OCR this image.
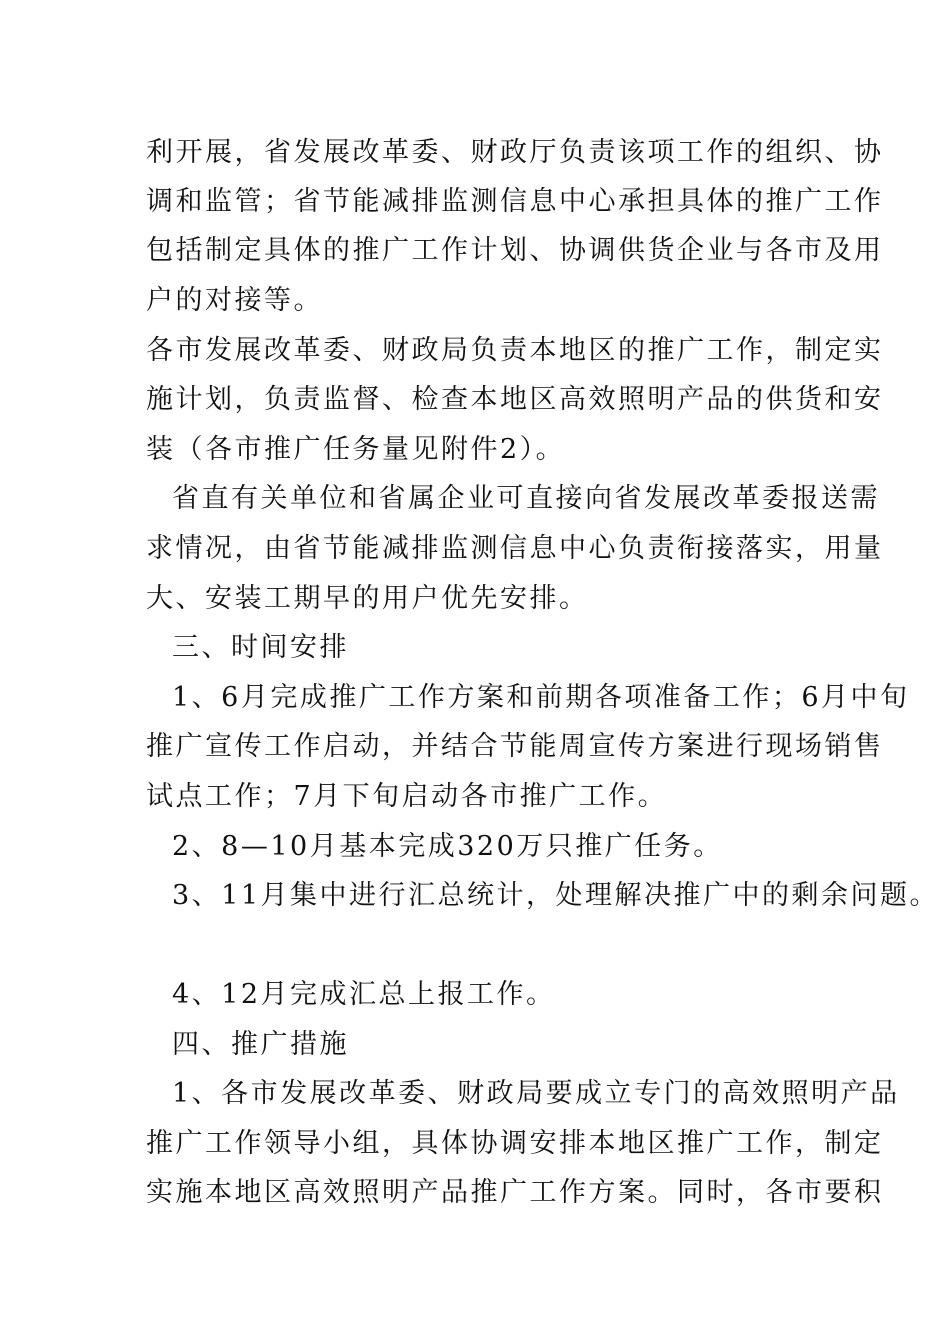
利开展，省发展改革委、财政厅负责该项工作的组织、协
调和监管；省节能减排监测信息中心承担具体的推广工作
包括制定具体的推广工作计划、协调供货企业与各市及用
户的对接等。
各市发展改革委、财政局负责本地区的推广工作，制定实
施计划，负责监督、检查本地区高效照明产品的供货和安
装（各市推广任务量见附件2）。
省直有关单位和省属企业可直接向省发展改革委报送需
求情况，由省节能减排监测信息中心负责衔接落实，用量
大、安装工期早的用户优先安排。
三、时间安排
1、6月完成推广工作方案和前期各项准备工作；6月中旬
推广宣传工作启动，并结合节能周宣传方案进行现场销售
试点工作；7月下旬启动各市推广工作。
2、8—10月基本完成320万只推广任务。
3、11月集中进行汇总统计，处理解决推广中的剩余问题。
4、12月完成汇总上报工作。
四、推广措施
1、各市发展改革委、财政局要成立专门的高效照明产品
推广工作领导小组，具体协调安排本地区推广工作，制定
实施本地区高效照明产品推广工作方案。同时，各市要积
